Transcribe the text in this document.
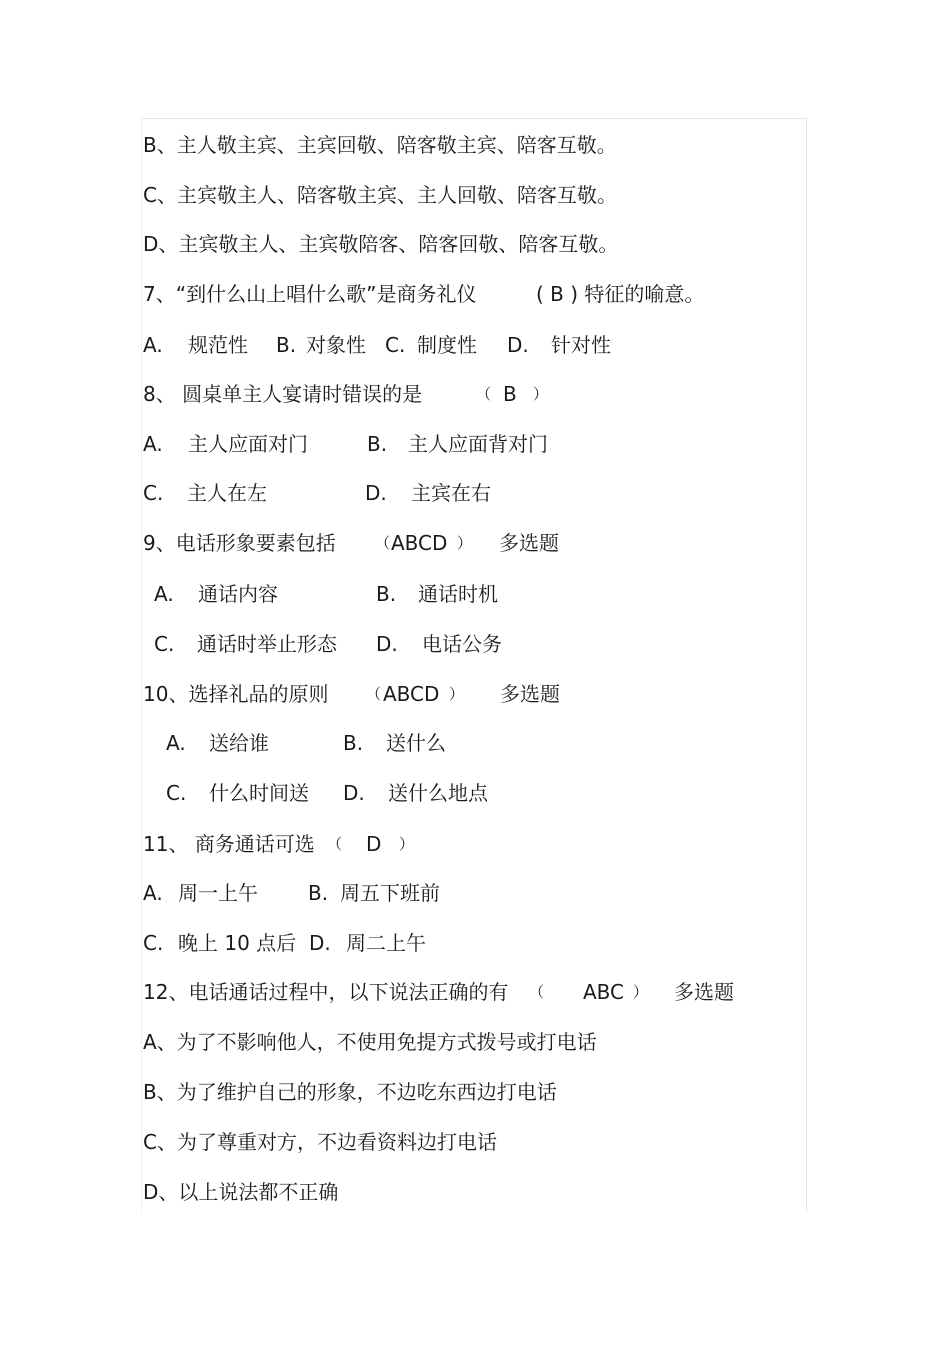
B、主人敬主宾、主宾回敬、陪客敬主宾、陪客互敬。
C、主宾敬主人、陪客敬主宾、主人回敬、陪客互敬。
D、主宾敬主人、主宾敬陪客、陪客回敬、陪客互敬。
7、“到什么山上唱什么歌”是商务礼仪	( B ) 特征的喻意。
A. 规范性 B. 对象性 C. 制度性 D. 针对性
8、 圆桌单主人宴请时错误的是	（ B ）
A. 主人应面对门	B. 主人应面背对门
C. 主人在左	D. 主宾在右
9、电话形象要素包括	（ ABCD ） 多选题
A. 通话内容	B. 通话时机
C. 通话时举止形态 D. 电话公务
10、选择礼品的原则	（ ABCD ） 多选题
A. 送给谁	B. 送什么
C. 什么时间送 D. 送什么地点
11、 商务通话可选 （ D ）
A. 周一上午	B. 周五下班前
C. 晚上 10 点后 D. 周二上午
12、电话通话过程中，以下说法正确的有 （ ABC ） 多选题
A、为了不影响他人，不使用免提方式拨号或打电话
B、为了维护自己的形象，不边吃东西边打电话
C、为了尊重对方，不边看资料边打电话
D、以上说法都不正确
